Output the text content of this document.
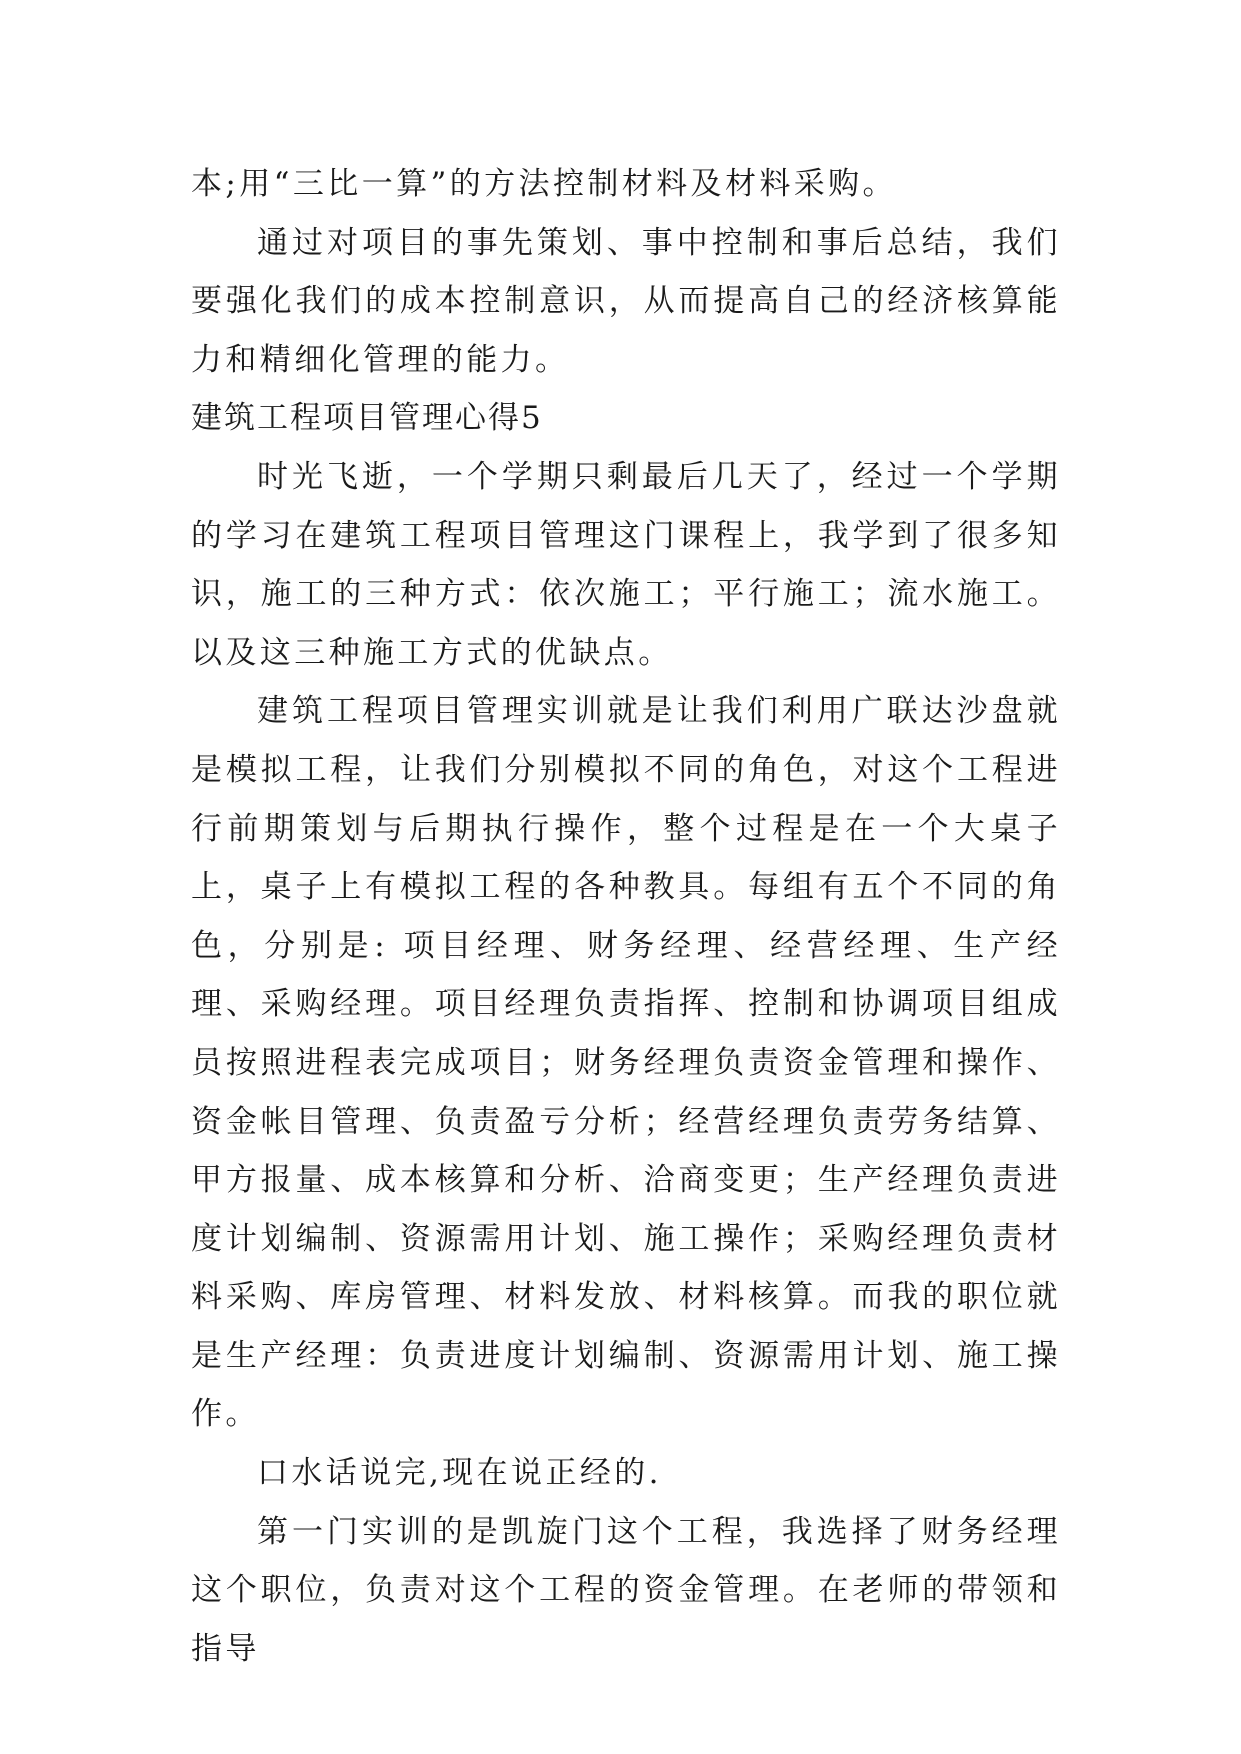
本;用“三比一算”的方法控制材料及材料采购。

通过对项目的事先策划、事中控制和事后总结，我们要强化我们的成本控制意识，从而提高自己的经济核算能力和精细化管理的能力。

建筑工程项目管理心得5

时光飞逝，一个学期只剩最后几天了，经过一个学期的学习在建筑工程项目管理这门课程上，我学到了很多知识，施工的三种方式：依次施工；平行施工；流水施工。以及这三种施工方式的优缺点。

建筑工程项目管理实训就是让我们利用广联达沙盘就是模拟工程，让我们分别模拟不同的角色，对这个工程进行前期策划与后期执行操作，整个过程是在一个大桌子上，桌子上有模拟工程的各种教具。每组有五个不同的角色，分别是: 项目经理、财务经理、经营经理、生产经理、采购经理。项目经理负责指挥、控制和协调项目组成员按照进程表完成项目；财务经理负责资金管理和操作、资金帐目管理、负责盈亏分析；经营经理负责劳务结算、甲方报量、成本核算和分析、洽商变更；生产经理负责进度计划编制、资源需用计划、施工操作；采购经理负责材料采购、库房管理、材料发放、材料核算。而我的职位就是生产经理：负责进度计划编制、资源需用计划、施工操作。

口水话说完,现在说正经的.

第一门实训的是凯旋门这个工程，我选择了财务经理这个职位，负责对这个工程的资金管理。在老师的带领和指导
